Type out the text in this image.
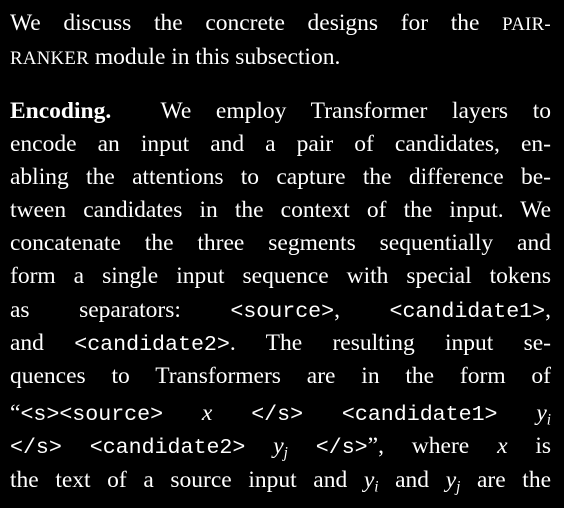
We discuss the concrete designs for the PAIR-
RANKER module in this subsection.
Encoding. We employ Transformer layers to
encode an input and a pair of candidates, en-
abling the attentions to capture the difference be-
tween candidates in the context of the input. We
concatenate the three segments sequentially and
form a single input sequence with special tokens
as separators: <source>, <candidate1>,
and <candidate2>. The resulting input se-
quences to Transformers are in the form of
“<s><source> x </s> <candidate1> $y_i$
</s> <candidate2> $y_j </s>$”, where x is
the text of a source input and $y_i$ and $y_j$ are the
